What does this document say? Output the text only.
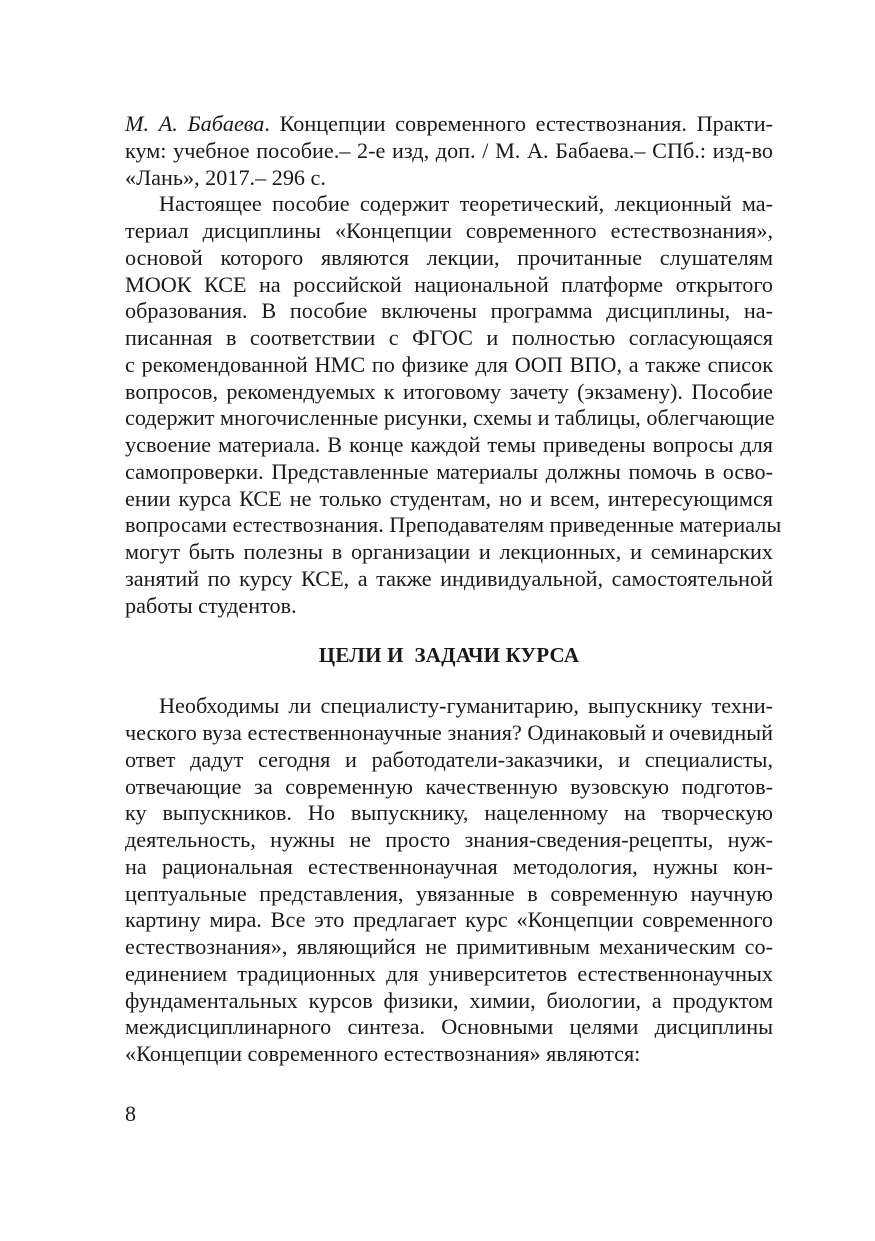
М. А. Бабаева. Концепции современного естествознания. Практи-
кум: учебное пособие.– 2-е изд, доп. / М. А. Бабаева.– СПб.: изд-во
«Лань», 2017.– 296 с.
Настоящее пособие содержит теоретический, лекционный ма-
териал дисциплины «Концепции современного естествознания»,
основой которого являются лекции, прочитанные слушателям
МООК КСЕ на российской национальной платформе открытого
образования. В пособие включены программа дисциплины, на-
писанная в соответствии с ФГОС и полностью согласующаяся
с рекомендованной НМС по физике для ООП ВПО, а также список
вопросов, рекомендуемых к итоговому зачету (экзамену). Пособие
содержит многочисленные рисунки, схемы и таблицы, облегчающие
усвоение материала. В конце каждой темы приведены вопросы для
самопроверки. Представленные материалы должны помочь в осво-
ении курса КСЕ не только студентам, но и всем, интересующимся
вопросами естествознания. Преподавателям приведенные материалы
могут быть полезны в организации и лекционных, и семинарских
занятий по курсу КСЕ, а также индивидуальной, самостоятельной
работы студентов.
ЦЕЛИ И  ЗАДАЧИ КУРСА
Необходимы ли специалисту-гуманитарию, выпускнику техни-
ческого вуза естественнонаучные знания? Одинаковый и очевидный
ответ дадут сегодня и работодатели-заказчики, и специалисты,
отвечающие за современную качественную вузовскую подготов-
ку выпускников. Но выпускнику, нацеленному на творческую
деятельность, нужны не просто знания-сведения-рецепты, нуж-
на рациональная естественнонаучная методология, нужны кон-
цептуальные представления, увязанные в современную научную
картину мира. Все это предлагает курс «Концепции современного
естествознания», являющийся не примитивным механическим со-
единением традиционных для университетов естественнонаучных
фундаментальных курсов физики, химии, биологии, а продуктом
междисциплинарного синтеза. Основными целями дисциплины
«Концепции современного естествознания» являются:
8
